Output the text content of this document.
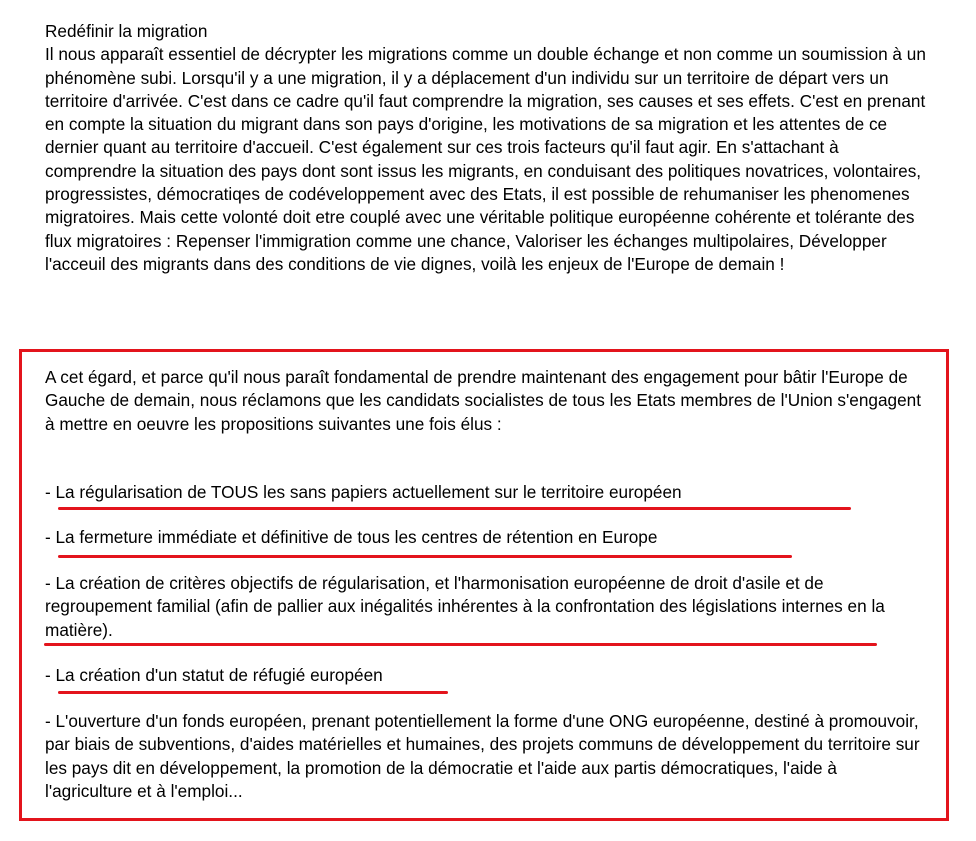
Redéfinir la migration

Il nous apparaît essentiel de décrypter les migrations comme un double échange et non comme un soumission à un phénomène subi. Lorsqu'il y a une migration, il y a déplacement d'un individu sur un territoire de départ vers un territoire d'arrivée. C'est dans ce cadre qu'il faut comprendre la migration, ses causes et ses effets. C'est en prenant en compte la situation du migrant dans son pays d'origine, les motivations de sa migration et les attentes de ce dernier quant au territoire d'accueil. C'est également sur ces trois facteurs qu'il faut agir. En s'attachant à comprendre la situation des pays dont sont issus les migrants, en conduisant des politiques novatrices, volontaires, progressistes, démocratiqes de codéveloppement avec des Etats, il est possible de rehumaniser les phenomenes migratoires. Mais cette volonté doit etre couplé avec une véritable politique européenne cohérente et tolérante des flux migratoires : Repenser l'immigration comme une chance, Valoriser les échanges multipolaires, Développer l'acceuil des migrants dans des conditions de vie dignes, voilà les enjeux de l'Europe de demain !

A cet égard, et parce qu'il nous paraît fondamental de prendre maintenant des engagement pour bâtir l'Europe de Gauche de demain, nous réclamons que les candidats socialistes de tous les Etats membres de l'Union s'engagent à mettre en oeuvre les propositions suivantes une fois élus :

- La régularisation de TOUS les sans papiers actuellement sur le territoire européen

- La fermeture immédiate et définitive de tous les centres de rétention en Europe

- La création de critères objectifs de régularisation, et l'harmonisation européenne de droit d'asile et de regroupement familial (afin de pallier aux inégalités inhérentes à la confrontation des législations internes en la matière).

- La création d'un statut de réfugié européen

- L'ouverture d'un fonds européen, prenant potentiellement la forme d'une ONG européenne, destiné à promouvoir, par biais de subventions, d'aides matérielles et humaines, des projets communs de développement du territoire sur les pays dit en développement, la promotion de la démocratie et l'aide aux partis démocratiques, l'aide à l'agriculture et à l'emploi...
